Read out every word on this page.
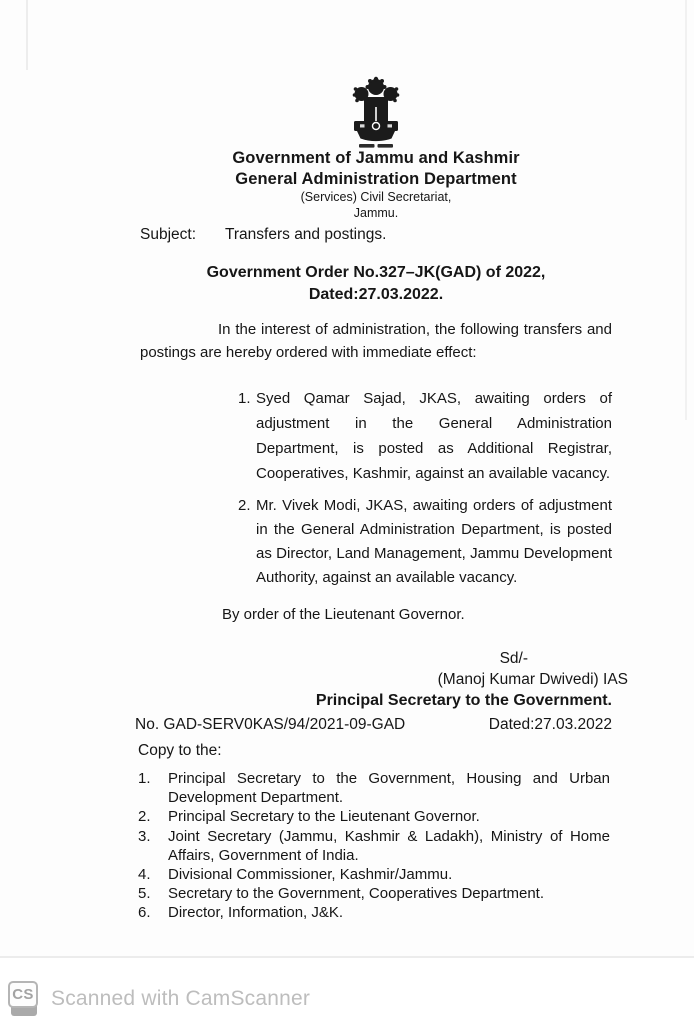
Government of Jammu and Kashmir
General Administration Department
(Services) Civil Secretariat,
Jammu.
Subject:	Transfers and postings.
Government Order No.327–JK(GAD) of 2022,
Dated:27.03.2022.
In the interest of administration, the following transfers and postings are hereby ordered with immediate effect:
1. Syed Qamar Sajad, JKAS, awaiting orders of adjustment in the General Administration Department, is posted as Additional Registrar, Cooperatives, Kashmir, against an available vacancy.
2. Mr. Vivek Modi, JKAS, awaiting orders of adjustment in the General Administration Department, is posted as Director, Land Management, Jammu Development Authority, against an available vacancy.
By order of the Lieutenant Governor.
Sd/-
(Manoj Kumar Dwivedi) IAS
Principal Secretary to the Government.
No. GAD-SERV0KAS/94/2021-09-GAD	Dated:27.03.2022
Copy to the:
1.	Principal Secretary to the Government, Housing and Urban Development Department.
2.	Principal Secretary to the Lieutenant Governor.
3.	Joint Secretary (Jammu, Kashmir & Ladakh), Ministry of Home Affairs, Government of India.
4.	Divisional Commissioner, Kashmir/Jammu.
5.	Secretary to the Government, Cooperatives Department.
6.	Director, Information, J&K.
CS Scanned with CamScanner
